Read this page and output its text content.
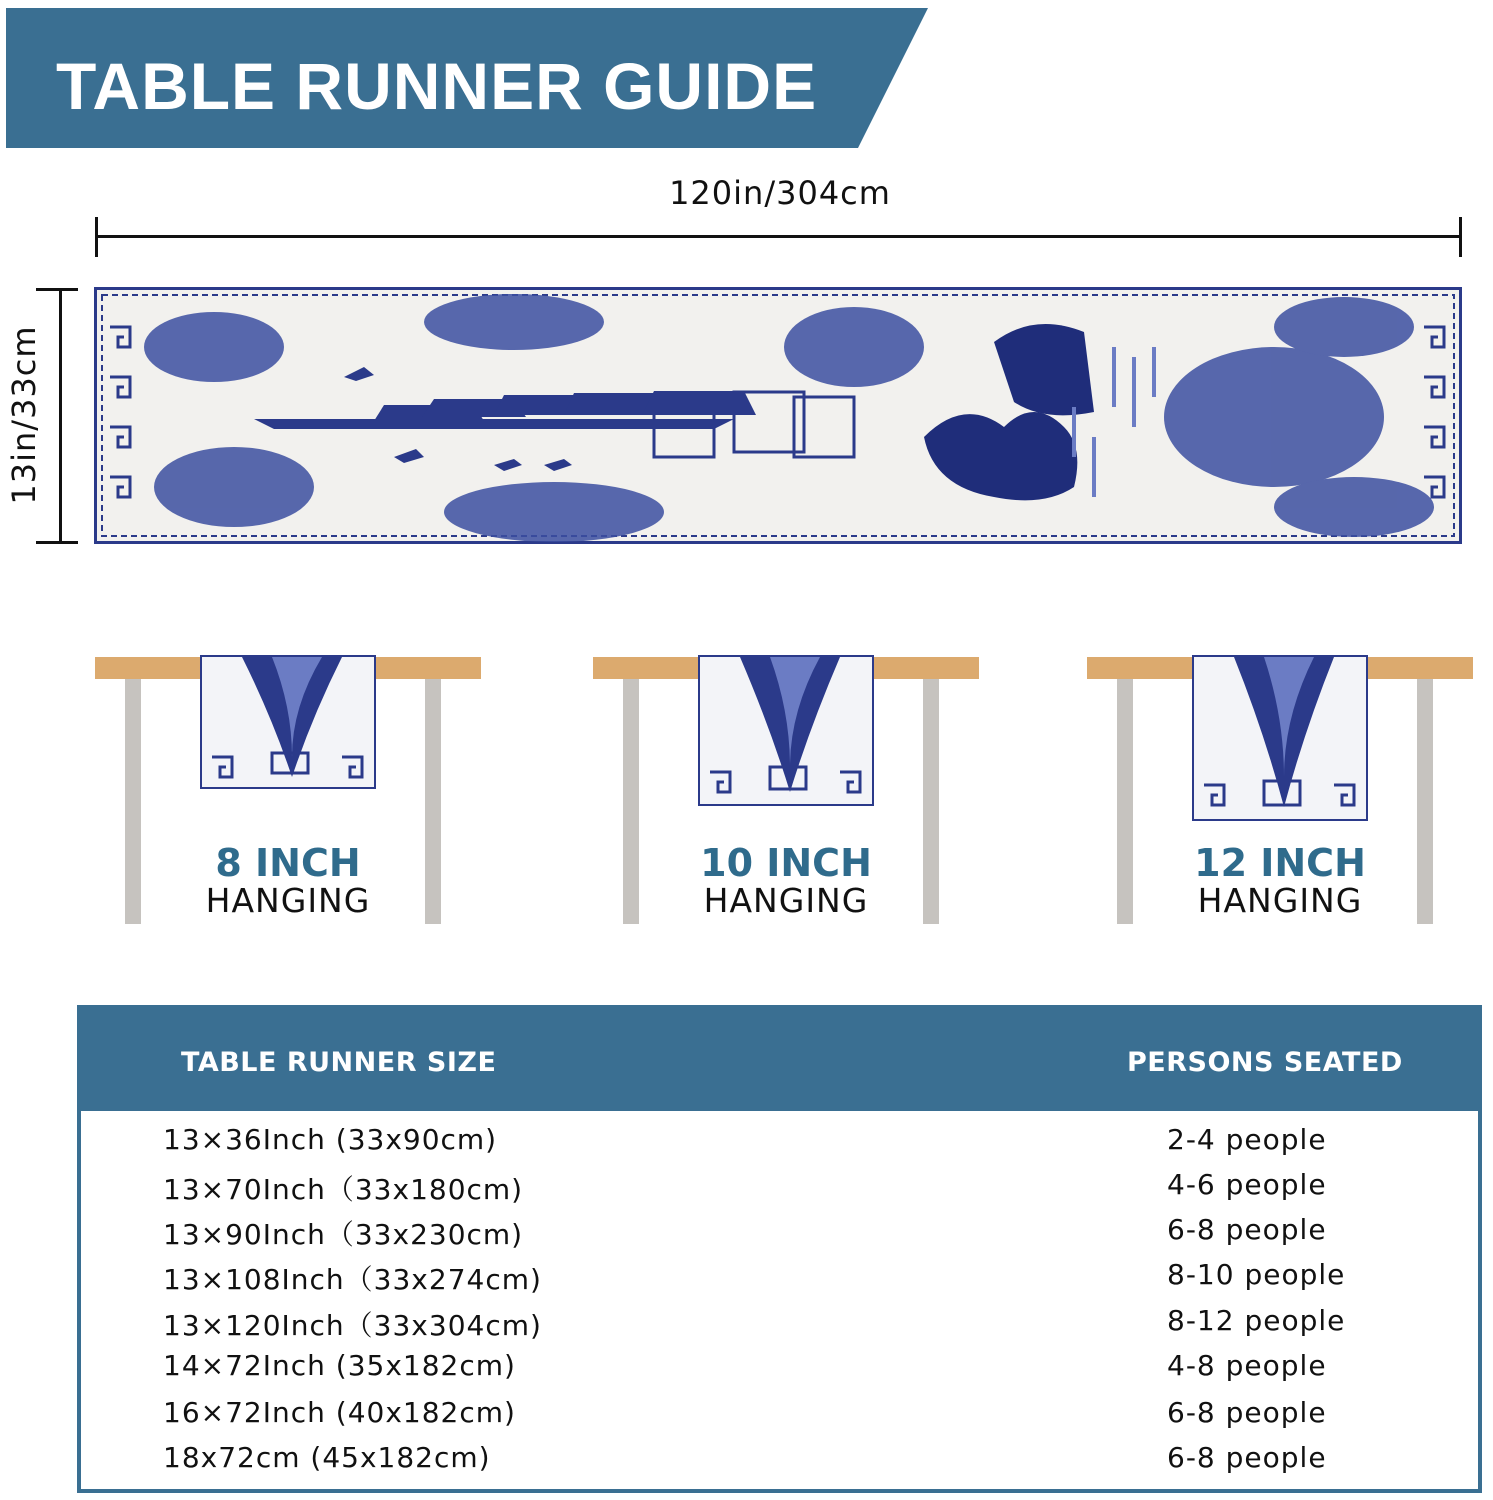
TABLE RUNNER GUIDE
120in/304cm
13in/33cm
8 INCH
HANGING
10 INCH
HANGING
12 INCH
HANGING
TABLE RUNNER SIZE	PERSONS SEATED
13×36Inch (33x90cm)	2-4 people
13×70Inch（33x180cm)	4-6 people
13×90Inch（33x230cm)	6-8 people
13×108Inch（33x274cm)	8-10 people
13×120Inch（33x304cm)	8-12 people
14×72Inch (35x182cm)	4-8 people
16×72Inch (40x182cm)	6-8 people
18x72cm (45x182cm)	6-8 people
